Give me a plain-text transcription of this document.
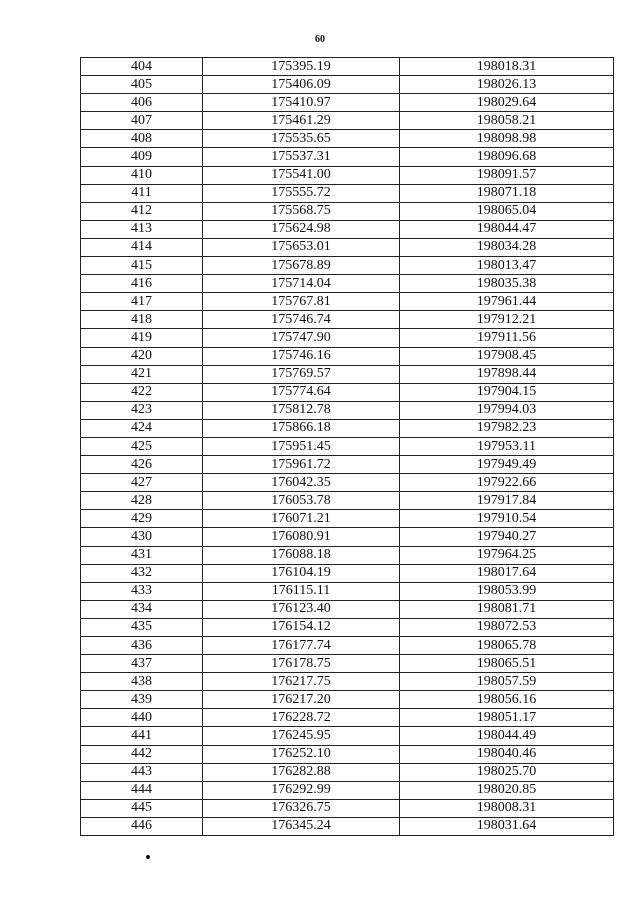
60
404	175395.19	198018.31
405	175406.09	198026.13
406	175410.97	198029.64
407	175461.29	198058.21
408	175535.65	198098.98
409	175537.31	198096.68
410	175541.00	198091.57
411	175555.72	198071.18
412	175568.75	198065.04
413	175624.98	198044.47
414	175653.01	198034.28
415	175678.89	198013.47
416	175714.04	198035.38
417	175767.81	197961.44
418	175746.74	197912.21
419	175747.90	197911.56
420	175746.16	197908.45
421	175769.57	197898.44
422	175774.64	197904.15
423	175812.78	197994.03
424	175866.18	197982.23
425	175951.45	197953.11
426	175961.72	197949.49
427	176042.35	197922.66
428	176053.78	197917.84
429	176071.21	197910.54
430	176080.91	197940.27
431	176088.18	197964.25
432	176104.19	198017.64
433	176115.11	198053.99
434	176123.40	198081.71
435	176154.12	198072.53
436	176177.74	198065.78
437	176178.75	198065.51
438	176217.75	198057.59
439	176217.20	198056.16
440	176228.72	198051.17
441	176245.95	198044.49
442	176252.10	198040.46
443	176282.88	198025.70
444	176292.99	198020.85
445	176326.75	198008.31
446	176345.24	198031.64
